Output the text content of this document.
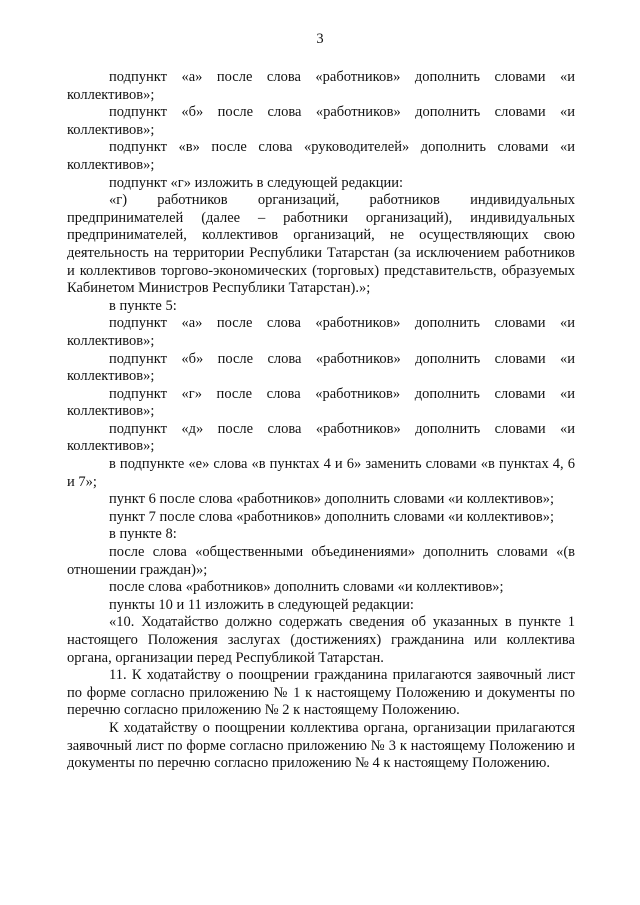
3

подпункт «а» после слова «работников» дополнить словами «и коллективов»;

подпункт «б» после слова «работников» дополнить словами «и коллективов»;

подпункт «в» после слова «руководителей» дополнить словами «и коллективов»;

подпункт «г» изложить в следующей редакции:

«г) работников организаций, работников индивидуальных предпринимателей (далее – работники организаций), индивидуальных предпринимателей, коллективов организаций, не осуществляющих свою деятельность на территории Республики Татарстан (за исключением работников и коллективов торгово-экономических (торговых) представительств, образуемых Кабинетом Министров Республики Татарстан).»;

в пункте 5:

подпункт «а» после слова «работников» дополнить словами «и коллективов»;

подпункт «б» после слова «работников» дополнить словами «и коллективов»;

подпункт «г» после слова «работников» дополнить словами «и коллективов»;

подпункт «д» после слова «работников» дополнить словами «и коллективов»;

в подпункте «е» слова «в пунктах 4 и 6» заменить словами «в пунктах 4, 6 и 7»;

пункт 6 после слова «работников» дополнить словами «и коллективов»;

пункт 7 после слова «работников» дополнить словами «и коллективов»;

в пункте 8:

после слова «общественными объединениями» дополнить словами «(в отношении граждан)»;

после слова «работников» дополнить словами «и коллективов»;

пункты 10 и 11 изложить в следующей редакции:

«10. Ходатайство должно содержать сведения об указанных в пункте 1 настоящего Положения заслугах (достижениях) гражданина или коллектива органа, организации перед Республикой Татарстан.

11. К ходатайству о поощрении гражданина прилагаются заявочный лист по форме согласно приложению № 1 к настоящему Положению и документы по перечню согласно приложению № 2 к настоящему Положению.

К ходатайству о поощрении коллектива органа, организации прилагаются заявочный лист по форме согласно приложению № 3 к настоящему Положению и документы по перечню согласно приложению № 4 к настоящему Положению.
